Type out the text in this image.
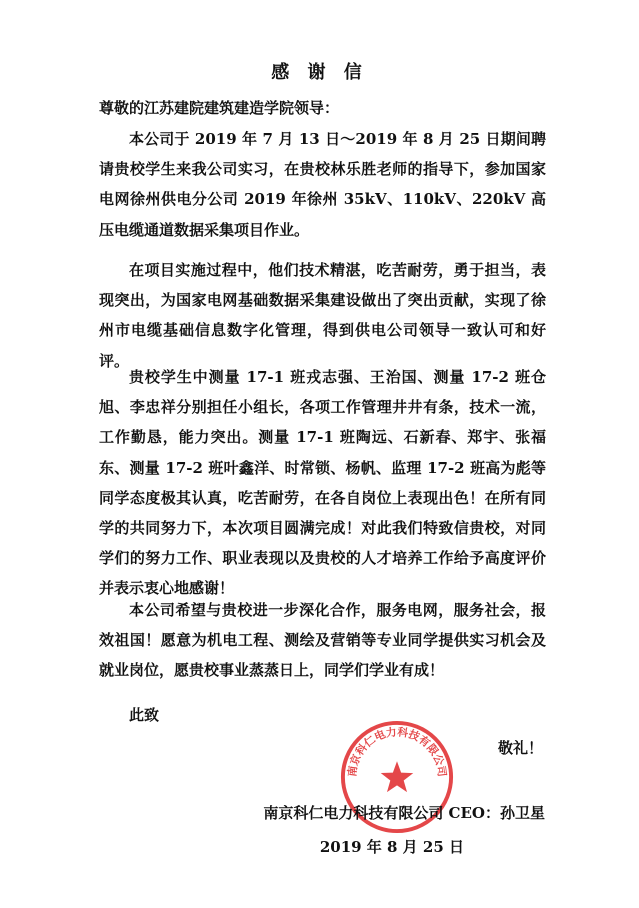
感 谢 信
尊敬的江苏建院建筑建造学院领导：
本公司于 2019 年 7 月 13 日～2019 年 8 月 25 日期间聘请贵校学生来我公司实习，在贵校林乐胜老师的指导下，参加国家电网徐州供电分公司 2019 年徐州 35kV、110kV、220kV 高压电缆通道数据采集项目作业。
在项目实施过程中，他们技术精湛，吃苦耐劳，勇于担当，表现突出，为国家电网基础数据采集建设做出了突出贡献，实现了徐州市电缆基础信息数字化管理，得到供电公司领导一致认可和好评。
贵校学生中测量 17-1 班戎志强、王治国、测量 17-2 班仓旭、李忠祥分别担任小组长，各项工作管理井井有条，技术一流，工作勤恳，能力突出。测量 17-1 班陶远、石新春、郑宇、张福东、测量 17-2 班叶鑫洋、时常锁、杨帆、监理 17-2 班高为彪等同学态度极其认真，吃苦耐劳，在各自岗位上表现出色！在所有同学的共同努力下，本次项目圆满完成！对此我们特致信贵校，对同学们的努力工作、职业表现以及贵校的人才培养工作给予高度评价并表示衷心地感谢！
本公司希望与贵校进一步深化合作，服务电网，服务社会，报效祖国！愿意为机电工程、测绘及营销等专业同学提供实习机会及就业岗位，愿贵校事业蒸蒸日上，同学们学业有成！
此致
敬礼！
南京科仁电力科技有限公司
南京科仁电力科技有限公司 CEO：孙卫星
2019 年 8 月 25 日
